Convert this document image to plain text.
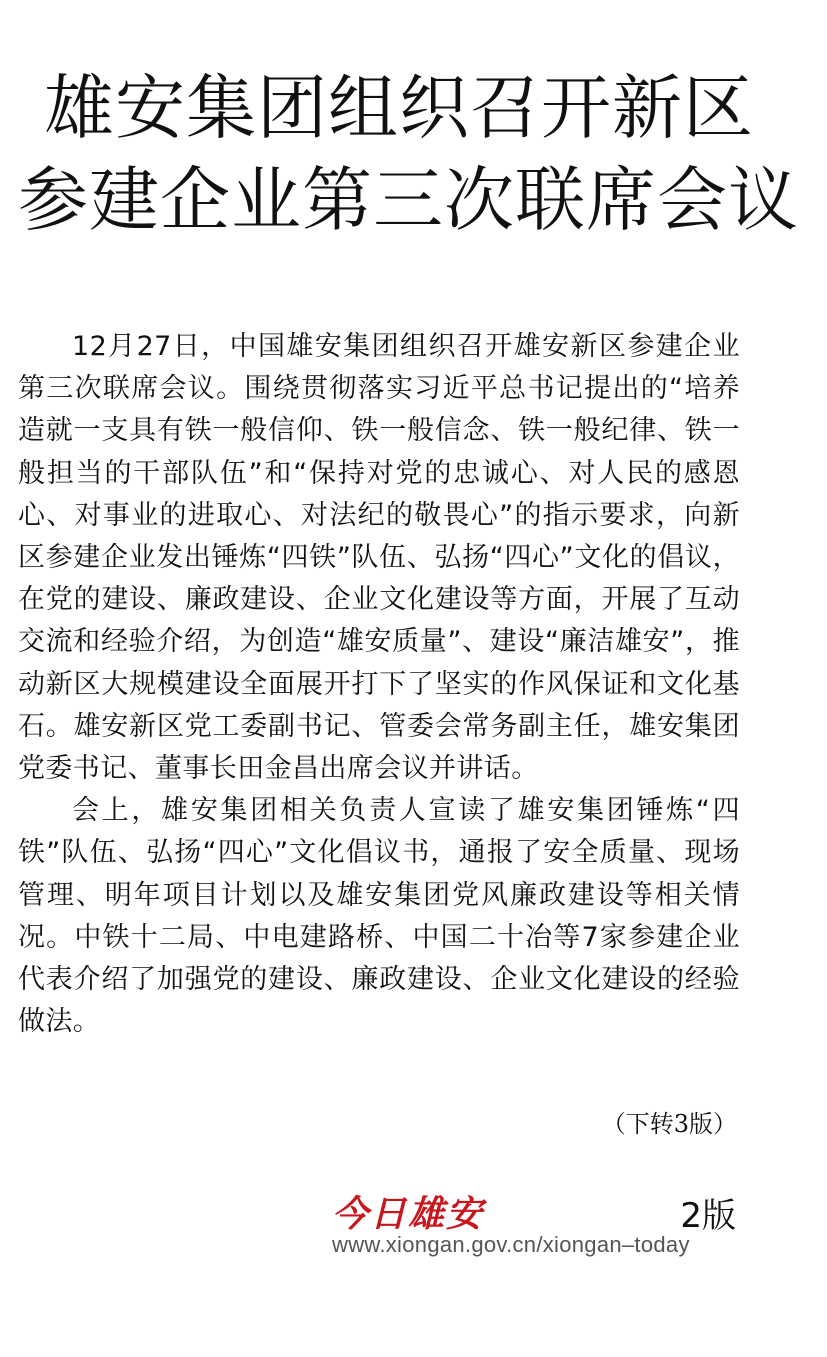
雄安集团组织召开新区
参建企业第三次联席会议

12月27日，中国雄安集团组织召开雄安新区参建企业第三次联席会议。围绕贯彻落实习近平总书记提出的“培养造就一支具有铁一般信仰、铁一般信念、铁一般纪律、铁一般担当的干部队伍”和“保持对党的忠诚心、对人民的感恩心、对事业的进取心、对法纪的敬畏心”的指示要求，向新区参建企业发出锤炼“四铁”队伍、弘扬“四心”文化的倡议，在党的建设、廉政建设、企业文化建设等方面，开展了互动交流和经验介绍，为创造“雄安质量”、建设“廉洁雄安”，推动新区大规模建设全面展开打下了坚实的作风保证和文化基石。雄安新区党工委副书记、管委会常务副主任，雄安集团党委书记、董事长田金昌出席会议并讲话。

会上，雄安集团相关负责人宣读了雄安集团锤炼“四铁”队伍、弘扬“四心”文化倡议书，通报了安全质量、现场管理、明年项目计划以及雄安集团党风廉政建设等相关情况。中铁十二局、中电建路桥、中国二十冶等7家参建企业代表介绍了加强党的建设、廉政建设、企业文化建设的经验做法。

（下转3版）
今日雄安	2版
www.xiongan.gov.cn/xiongan–today
